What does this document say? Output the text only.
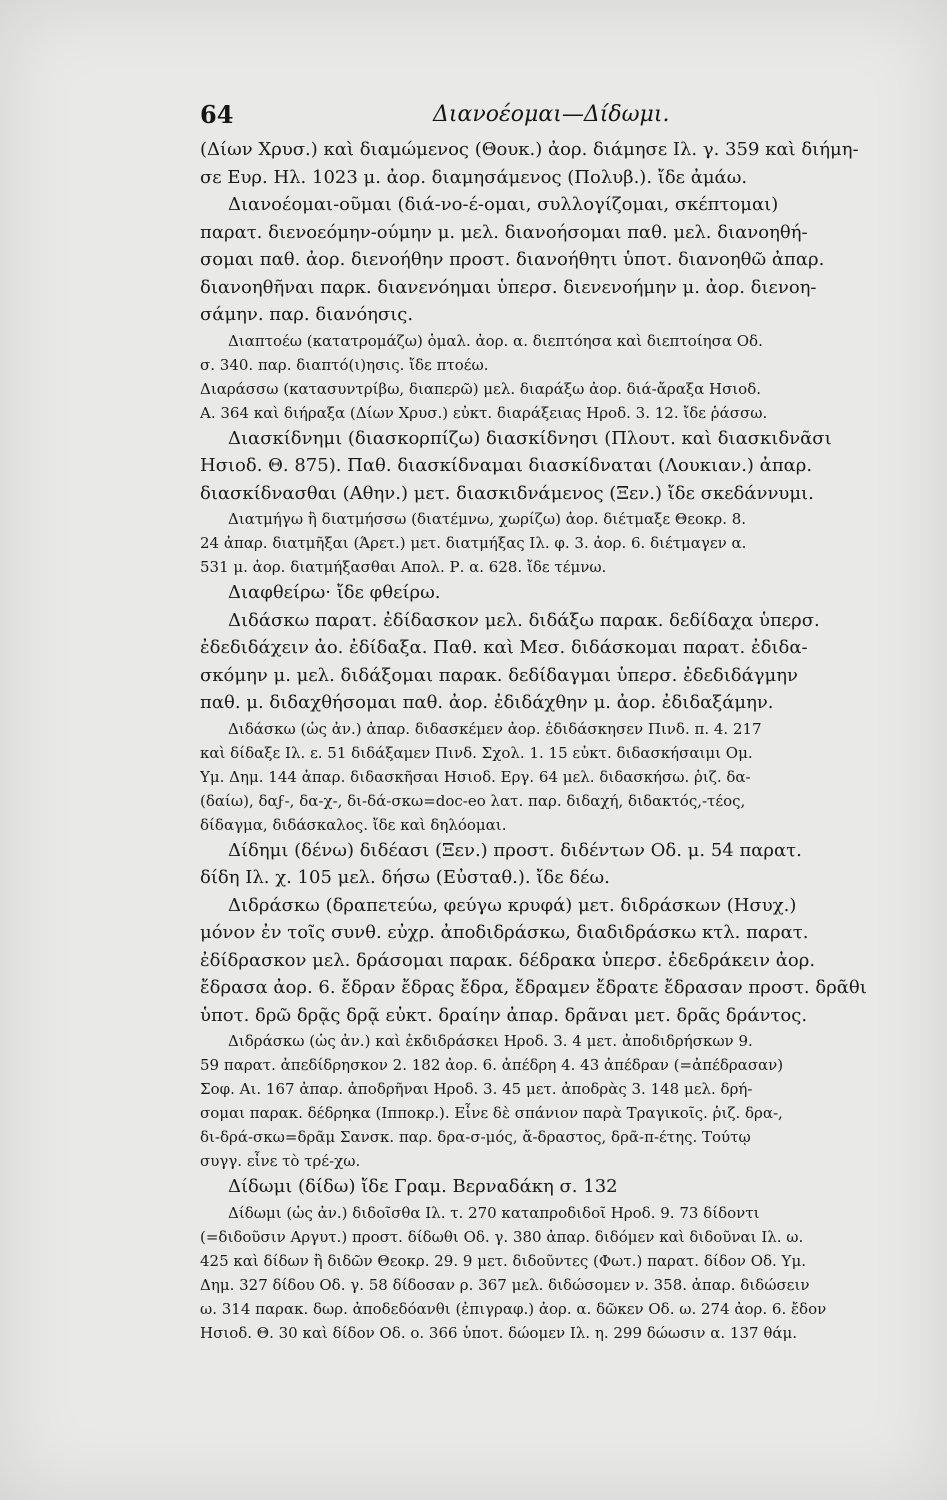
64	Διανοέομαι—Δίδωμι.
(Δίων Χρυσ.) καὶ διαμώμενος (Θουκ.) ἀορ. διάμησε Ιλ. γ. 359 καὶ διήμη-
σε Ευρ. Ηλ. 1023 μ. ἀορ. διαμησάμενος (Πολυβ.). ἴδε ἀμάω.
Διανοέομαι-οῦμαι (διά-νο-έ-ομαι, συλλογίζομαι, σκέπτομαι)
παρατ. διενοεόμην-ούμην μ. μελ. διανοήσομαι παθ. μελ. διανοηθή-
σομαι παθ. ἀορ. διενοήθην προστ. διανοήθητι ὑποτ. διανοηθῶ ἀπαρ.
διανοηθῆναι παρκ. διανενόημαι ὑπερσ. διενενοήμην μ. ἀορ. διενοη-
σάμην. παρ. διανόησις.
Διαπτοέω (κατατρομάζω) ὁμαλ. ἀορ. α. διεπτόησα καὶ διεπτοίησα Οδ.
σ. 340. παρ. διαπτό(ι)ησις. ἴδε πτοέω.
Διαράσσω (κατασυντρίβω, διαπερῶ) μελ. διαράξω ἀορ. διά-ἄραξα Ησιοδ.
Α. 364 καὶ διήραξα (Δίων Χρυσ.) εὐκτ. διαράξειας Ηροδ. 3. 12. ἴδε ῥάσσω.
Διασκίδνημι (διασκορπίζω) διασκίδνησι (Πλουτ. καὶ διασκιδνᾶσι
Ησιοδ. Θ. 875). Παθ. διασκίδναμαι διασκίδναται (Λουκιαν.) ἀπαρ.
διασκίδνασθαι (Αθην.) μετ. διασκιδνάμενος (Ξεν.) ἴδε σκεδάννυμι.
Διατμήγω ἢ διατμήσσω (διατέμνω, χωρίζω) ἀορ. διέτμαξε Θεοκρ. 8.
24 ἀπαρ. διατμῆξαι (Άρετ.) μετ. διατμήξας Ιλ. φ. 3. ἀορ. 6. διέτμαγεν α.
531 μ. ἀορ. διατμήξασθαι Απολ. Ρ. α. 628. ἴδε τέμνω.
Διαφθείρω· ἴδε φθείρω.
Διδάσκω παρατ. ἐδίδασκον μελ. διδάξω παρακ. δεδίδαχα ὑπερσ.
ἐδεδιδάχειν ἀο. ἐδίδαξα. Παθ. καὶ Μεσ. διδάσκομαι παρατ. ἐδιδα-
σκόμην μ. μελ. διδάξομαι παρακ. δεδίδαγμαι ὑπερσ. ἐδεδιδάγμην
παθ. μ. διδαχθήσομαι παθ. ἀορ. ἐδιδάχθην μ. ἀορ. ἐδιδαξάμην.
Διδάσκω (ὡς ἀν.) ἀπαρ. διδασκέμεν ἀορ. ἐδιδάσκησεν Πινδ. π. 4. 217
καὶ δίδαξε Ιλ. ε. 51 διδάξαμεν Πινδ. Σχολ. 1. 15 εὐκτ. διδασκήσαιμι Ομ.
Υμ. Δημ. 144 ἀπαρ. διδασκῆσαι Ησιοδ. Εργ. 64 μελ. διδασκήσω. ῥιζ. δα-
(δαίω), δαϝ-, δα-χ-, δι-δά-σκω=doc-eo λατ. παρ. διδαχή, διδακτός,-τέος,
δίδαγμα, διδάσκαλος. ἴδε καὶ δηλόομαι.
Δίδημι (δένω) διδέασι (Ξεν.) προστ. διδέντων Οδ. μ. 54 παρατ.
δίδη Ιλ. χ. 105 μελ. δήσω (Εὐσταθ.). ἴδε δέω.
Διδράσκω (δραπετεύω, φεύγω κρυφά) μετ. διδράσκων (Ησυχ.)
μόνον ἐν τοῖς συνθ. εὐχρ. ἀποδιδράσκω, διαδιδράσκω κτλ. παρατ.
ἐδίδρασκον μελ. δράσομαι παρακ. δέδρακα ὑπερσ. ἐδεδράκειν ἀορ.
ἔδρασα ἀορ. 6. ἔδραν ἔδρας ἔδρα, ἔδραμεν ἔδρατε ἔδρασαν προστ. δρᾶθι
ὑποτ. δρῶ δρᾷς δρᾷ εὐκτ. δραίην ἀπαρ. δρᾶναι μετ. δρᾶς δράντος.
Διδράσκω (ὡς ἀν.) καὶ ἐκδιδράσκει Ηροδ. 3. 4 μετ. ἀποδιδρήσκων 9.
59 παρατ. ἀπεδίδρησκον 2. 182 ἀορ. 6. ἀπέδρη 4. 43 ἀπέδραν (=ἀπέδρασαν)
Σοφ. Αι. 167 ἀπαρ. ἀποδρῆναι Ηροδ. 3. 45 μετ. ἀποδρὰς 3. 148 μελ. δρή-
σομαι παρακ. δέδρηκα (Ιπποκρ.). Εἶνε δὲ σπάνιον παρὰ Τραγικοῖς. ῥιζ. δρα-,
δι-δρά-σκω=δρᾶμ Σανσκ. παρ. δρα-σ-μός, ἄ-δραστος, δρᾶ-π-έτης. Τούτῳ
συγγ. εἶνε τὸ τρέ-χω.
Δίδωμι (δίδω) ἴδε Γραμ. Βερναδάκη σ. 132
Δίδωμι (ὡς ἀν.) διδοῖσθα Ιλ. τ. 270 καταπροδιδοῖ Ηροδ. 9. 73 δίδοντι
(=διδοῦσιν Αργυτ.) προστ. δίδωθι Οδ. γ. 380 ἀπαρ. διδόμεν καὶ διδοῦναι Ιλ. ω.
425 καὶ δίδων ἢ διδῶν Θεοκρ. 29. 9 μετ. διδοῦντες (Φωτ.) παρατ. δίδον Οδ. Υμ.
Δημ. 327 δίδου Οδ. γ. 58 δίδοσαν ρ. 367 μελ. διδώσομεν ν. 358. ἀπαρ. διδώσειν
ω. 314 παρακ. δωρ. ἀποδεδόανθι (ἐπιγραφ.) ἀορ. α. δῶκεν Οδ. ω. 274 ἀορ. 6. ἔδον
Ησιοδ. Θ. 30 καὶ δίδον Οδ. ο. 366 ὑποτ. δώομεν Ιλ. η. 299 δώωσιν α. 137 θάμ.
